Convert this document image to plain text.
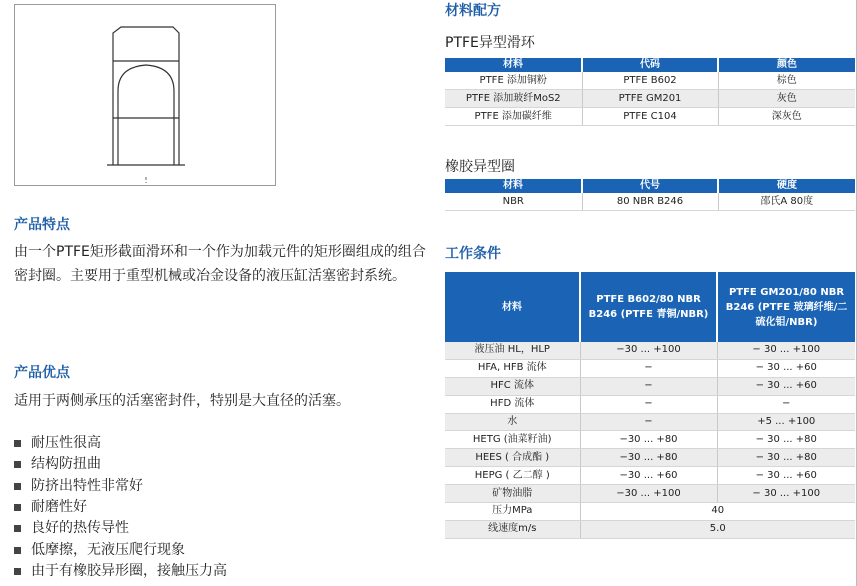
产品特点

由一个PTFE矩形截面滑环和一个作为加载元件的矩形圈组成的组合密封圈。主要用于重型机械或冶金设备的液压缸活塞密封系统。

产品优点

适用于两侧承压的活塞密封件，特别是大直径的活塞。

耐压性很高
结构防扭曲
防挤出特性非常好
耐磨性好
良好的热传导性
低摩擦，无液压爬行现象
由于有橡胶异形圈，接触压力高
材料配方

PTFE异型滑环

材料	代码	颜色
PTFE 添加铜粉	PTFE B602	棕色
PTFE 添加玻纤MoS2	PTFE GM201	灰色
PTFE 添加碳纤维	PTFE C104	深灰色

橡胶异型圈

材料	代号	硬度
NBR	80 NBR B246	邵氏A 80度
工作条件
材料	PTFE B602/80 NBR B246 (PTFE 青铜/NBR)	PTFE GM201/80 NBR B246 (PTFE 玻璃纤维/二硫化钼/NBR)
液压油 HL，HLP	−30 ... +100	− 30 ... +100
HFA, HFB 流体	−	− 30 ... +60
HFC 流体	−	− 30 ... +60
HFD 流体	−	−
水	−	+5 ... +100
HETG (油菜籽油)	−30 ... +80	− 30 ... +80
HEES ( 合成酯 )	−30 ... +80	− 30 ... +80
HEPG ( 乙二醇 )	−30 ... +60	− 30 ... +60
矿物油脂	−30 ... +100	− 30 ... +100
压力MPa	40	
线速度m/s	5.0	
